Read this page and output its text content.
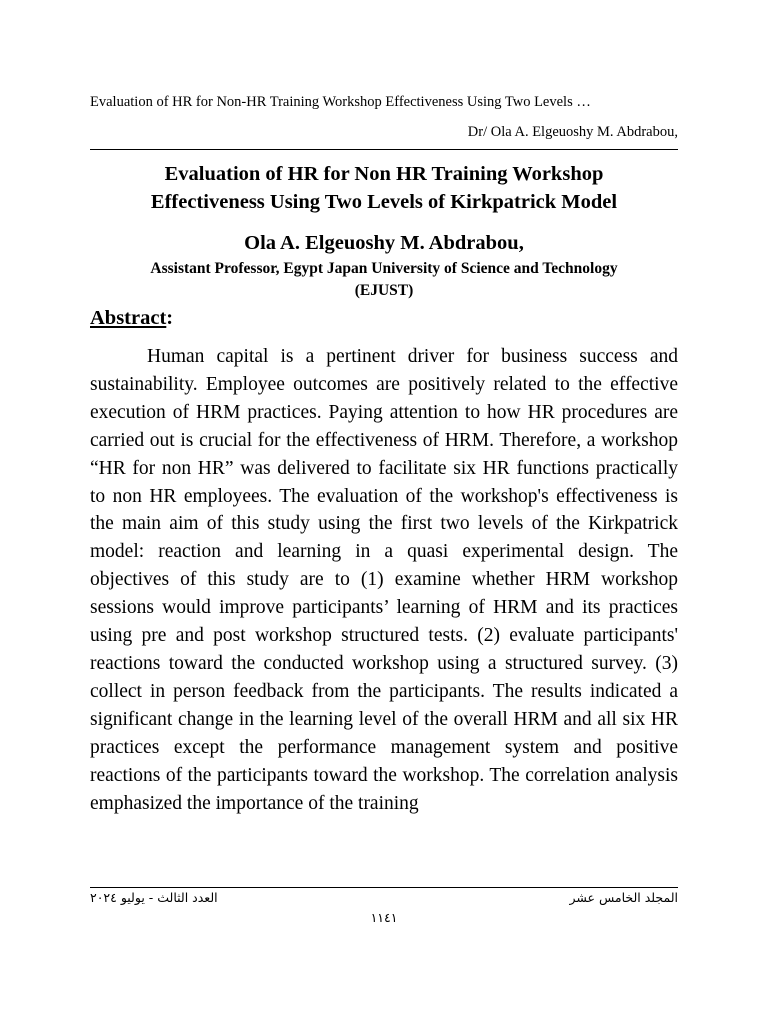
Evaluation of HR for Non-HR Training Workshop Effectiveness Using Two Levels …
Dr/ Ola A. Elgeuoshy M. Abdrabou,
Evaluation of HR for Non HR Training Workshop
Effectiveness Using Two Levels of Kirkpatrick Model
Ola A. Elgeuoshy M. Abdrabou,
Assistant Professor, Egypt Japan University of Science and Technology
(EJUST)
Abstract:

Human capital is a pertinent driver for business success and sustainability. Employee outcomes are positively related to the effective execution of HRM practices. Paying attention to how HR procedures are carried out is crucial for the effectiveness of HRM. Therefore, a workshop “HR for non HR” was delivered to facilitate six HR functions practically to non HR employees. The evaluation of the workshop's effectiveness is the main aim of this study using the first two levels of the Kirkpatrick model: reaction and learning in a quasi experimental design. The objectives of this study are to (1) examine whether HRM workshop sessions would improve participants’ learning of HRM and its practices using pre and post workshop structured tests. (2) evaluate participants' reactions toward the conducted workshop using a structured survey. (3) collect in person feedback from the participants. The results indicated a significant change in the learning level of the overall HRM and all six HR practices except the performance management system and positive reactions of the participants toward the workshop. The correlation analysis emphasized the importance of the training

العدد الثالث - يوليو ٢٠٢٤	المجلد الخامس عشر
١١٤١
